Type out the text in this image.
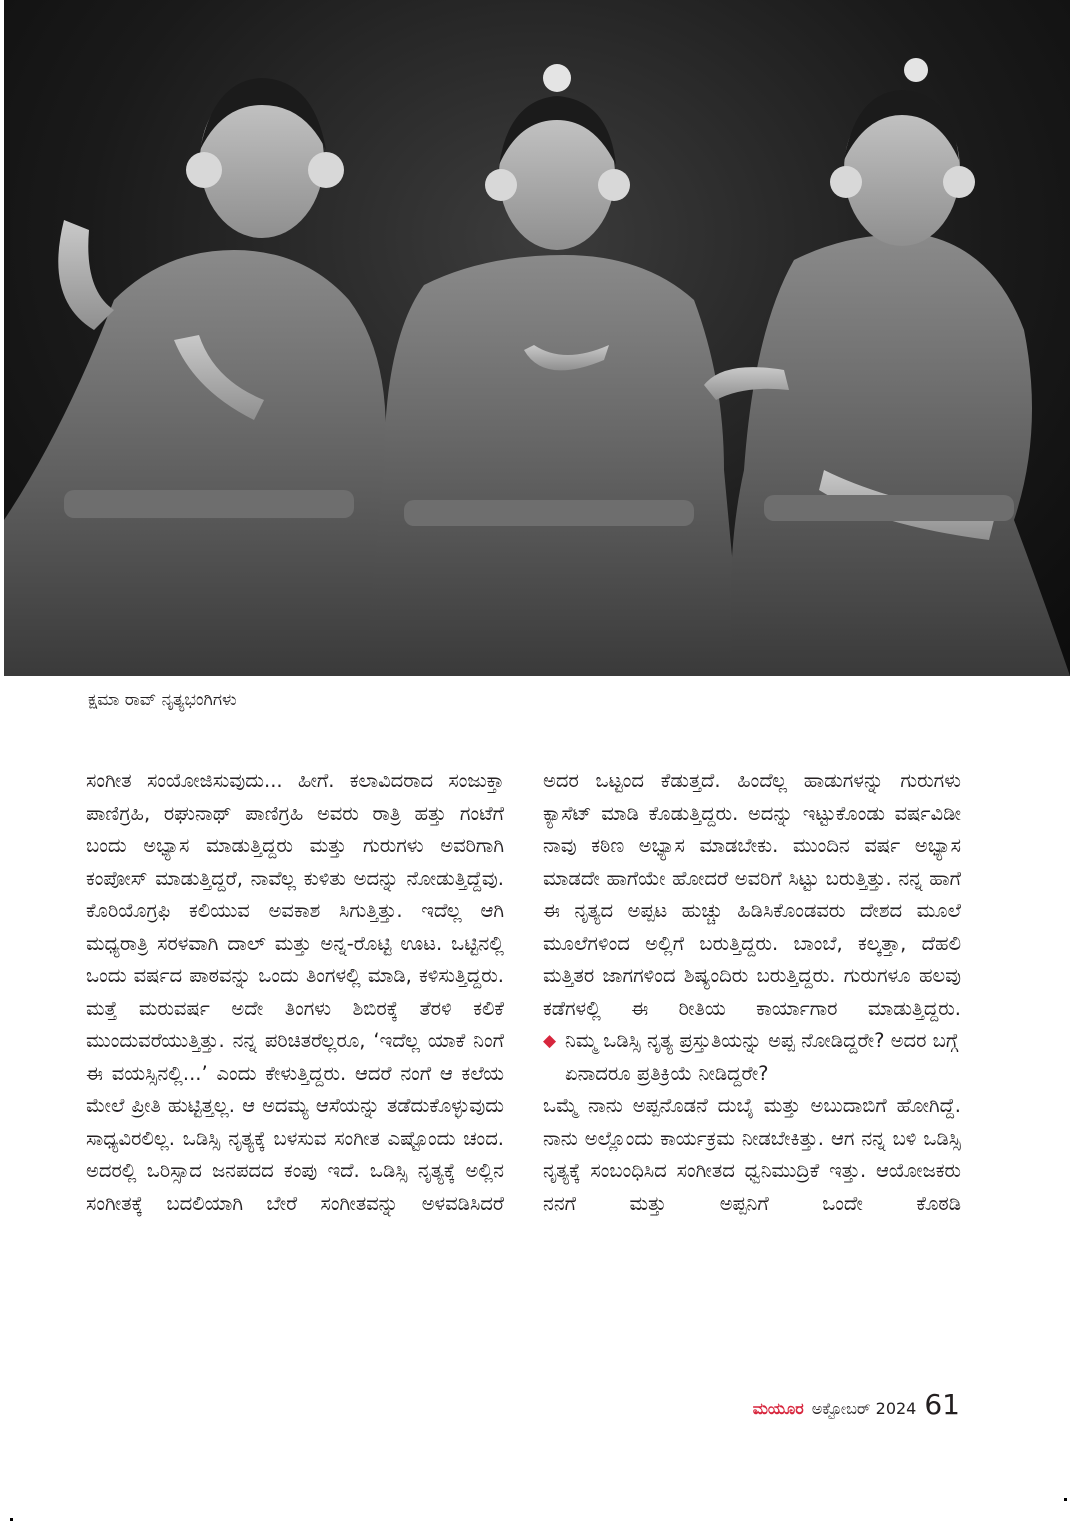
ಕ್ಷಮಾ ರಾವ್ ನೃತ್ಯಭಂಗಿಗಳು

ಸಂಗೀತ ಸಂಯೋಜಿಸುವುದು... ಹೀಗೆ. ಕಲಾವಿದರಾದ ಸಂಜುಕ್ತಾ ಪಾಣಿಗ್ರಹಿ, ರಘುನಾಥ್ ಪಾಣಿಗ್ರಹಿ ಅವರು ರಾತ್ರಿ ಹತ್ತು ಗಂಟೆಗೆ ಬಂದು ಅಭ್ಯಾಸ ಮಾಡುತ್ತಿದ್ದರು ಮತ್ತು ಗುರುಗಳು ಅವರಿಗಾಗಿ ಕಂಪೋಸ್ ಮಾಡುತ್ತಿದ್ದರೆ, ನಾವೆಲ್ಲ ಕುಳಿತು ಅದನ್ನು ನೋಡುತ್ತಿದ್ದೆವು. ಕೊರಿಯೊಗ್ರಫಿ ಕಲಿಯುವ ಅವಕಾಶ ಸಿಗುತ್ತಿತ್ತು. ಇದೆಲ್ಲ ಆಗಿ ಮಧ್ಯರಾತ್ರಿ ಸರಳವಾಗಿ ದಾಲ್ ಮತ್ತು ಅನ್ನ-ರೊಟ್ಟಿ ಊಟ. ಒಟ್ಟಿನಲ್ಲಿ ಒಂದು ವರ್ಷದ ಪಾಠವನ್ನು ಒಂದು ತಿಂಗಳಲ್ಲಿ ಮಾಡಿ, ಕಳಿಸುತ್ತಿದ್ದರು. ಮತ್ತೆ ಮರುವರ್ಷ ಅದೇ ತಿಂಗಳು ಶಿಬಿರಕ್ಕೆ ತೆರಳಿ ಕಲಿಕೆ ಮುಂದುವರೆಯುತ್ತಿತ್ತು. ನನ್ನ ಪರಿಚಿತರೆಲ್ಲರೂ, ‘ಇದೆಲ್ಲ ಯಾಕೆ ನಿಂಗೆ ಈ ವಯಸ್ಸಿನಲ್ಲಿ...’ ಎಂದು ಕೇಳುತ್ತಿದ್ದರು. ಆದರೆ ನಂಗೆ ಆ ಕಲೆಯ ಮೇಲೆ ಪ್ರೀತಿ ಹುಟ್ಟಿತ್ತಲ್ಲ. ಆ ಅದಮ್ಯ ಆಸೆಯನ್ನು ತಡೆದುಕೊಳ್ಳುವುದು ಸಾಧ್ಯವಿರಲಿಲ್ಲ. ಒಡಿಸ್ಸಿ ನೃತ್ಯಕ್ಕೆ ಬಳಸುವ ಸಂಗೀತ ಎಷ್ಟೊಂದು ಚಂದ. ಅದರಲ್ಲಿ ಒರಿಸ್ಸಾದ ಜನಪದದ ಕಂಪು ಇದೆ. ಒಡಿಸ್ಸಿ ನೃತ್ಯಕ್ಕೆ ಅಲ್ಲಿನ ಸಂಗೀತಕ್ಕೆ ಬದಲಿಯಾಗಿ ಬೇರೆ ಸಂಗೀತವನ್ನು ಅಳವಡಿಸಿದರೆ

ಅದರ ಒಟ್ಟಂದ ಕೆಡುತ್ತದೆ. ಹಿಂದೆಲ್ಲ ಹಾಡುಗಳನ್ನು ಗುರುಗಳು ಕ್ಯಾಸೆಟ್ ಮಾಡಿ ಕೊಡುತ್ತಿದ್ದರು. ಅದನ್ನು ಇಟ್ಟುಕೊಂಡು ವರ್ಷವಿಡೀ ನಾವು ಕಠಿಣ ಅಭ್ಯಾಸ ಮಾಡಬೇಕು. ಮುಂದಿನ ವರ್ಷ ಅಭ್ಯಾಸ ಮಾಡದೇ ಹಾಗೆಯೇ ಹೋದರೆ ಅವರಿಗೆ ಸಿಟ್ಟು ಬರುತ್ತಿತ್ತು. ನನ್ನ ಹಾಗೆ ಈ ನೃತ್ಯದ ಅಪ್ಪಟ ಹುಚ್ಚು ಹಿಡಿಸಿಕೊಂಡವರು ದೇಶದ ಮೂಲೆ ಮೂಲೆಗಳಿಂದ ಅಲ್ಲಿಗೆ ಬರುತ್ತಿದ್ದರು. ಬಾಂಬೆ, ಕಲ್ಕತ್ತಾ, ದೆಹಲಿ ಮತ್ತಿತರ ಜಾಗಗಳಿಂದ ಶಿಷ್ಯಂದಿರು ಬರುತ್ತಿದ್ದರು. ಗುರುಗಳೂ ಹಲವು ಕಡೆಗಳಲ್ಲಿ ಈ ರೀತಿಯ ಕಾರ್ಯಾಗಾರ ಮಾಡುತ್ತಿದ್ದರು.

◆ ನಿಮ್ಮ ಒಡಿಸ್ಸಿ ನೃತ್ಯ ಪ್ರಸ್ತುತಿಯನ್ನು ಅಪ್ಪ ನೋಡಿದ್ದರೇ? ಅದರ ಬಗ್ಗೆ ಏನಾದರೂ ಪ್ರತಿಕ್ರಿಯೆ ನೀಡಿದ್ದರೇ?

ಒಮ್ಮೆ ನಾನು ಅಪ್ಪನೊಡನೆ ದುಬೈ ಮತ್ತು ಅಬುದಾಬಿಗೆ ಹೋಗಿದ್ದೆ. ನಾನು ಅಲ್ಲೊಂದು ಕಾರ್ಯಕ್ರಮ ನೀಡಬೇಕಿತ್ತು. ಆಗ ನನ್ನ ಬಳಿ ಒಡಿಸ್ಸಿ ನೃತ್ಯಕ್ಕೆ ಸಂಬಂಧಿಸಿದ ಸಂಗೀತದ ಧ್ವನಿಮುದ್ರಿಕೆ ಇತ್ತು. ಆಯೋಜಕರು ನನಗೆ ಮತ್ತು ಅಪ್ಪನಿಗೆ ಒಂದೇ ಕೊಠಡಿ

ಮಯೂರ ಅಕ್ಟೋಬರ್ 2024 61
